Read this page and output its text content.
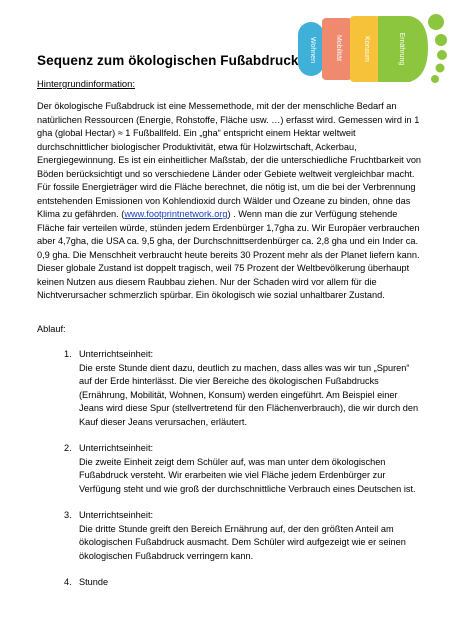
Wohnen	Mobilität	Konsum	Ernährung
Sequenz zum ökologischen Fußabdruck

Hintergrundinformation:

Der ökologische Fußabdruck ist eine Messemethode, mit der der menschliche Bedarf an natürlichen Ressourcen (Energie, Rohstoffe, Fläche usw. …) erfasst wird. Gemessen wird in 1 gha (global Hectar) ≈ 1 Fußballfeld. Ein „gha“ entspricht einem Hektar weltweit durchschnittlicher biologischer Produktivität, etwa für Holzwirtschaft, Ackerbau, Energiegewinnung. Es ist ein einheitlicher Maßstab, der die unterschiedliche Fruchtbarkeit von Böden berücksichtigt und so verschiedene Länder oder Gebiete weltweit vergleichbar macht. Für fossile Energieträger wird die Fläche berechnet, die nötig ist, um die bei der Verbrennung entstehenden Emissionen von Kohlendioxid durch Wälder und Ozeane zu binden, ohne das Klima zu gefährden. (www.footprintnetwork.org) . Wenn man die zur Verfügung stehende Fläche fair verteilen würde, stünden jedem Erdenbürger 1,7gha zu. Wir Europäer verbrauchen aber 4,7gha, die USA ca. 9,5 gha, der Durchschnittserdenbürger ca. 2,8 gha und ein Inder ca. 0,9 gha. Die Menschheit verbraucht heute bereits 30 Prozent mehr als der Planet liefern kann.
Dieser globale Zustand ist doppelt tragisch, weil 75 Prozent der Weltbevölkerung überhaupt keinen Nutzen aus diesem Raubbau ziehen. Nur der Schaden wird vor allem für die Nichtverursacher schmerzlich spürbar. Ein ökologisch wie sozial unhaltbarer Zustand.

Ablauf:

1. Unterrichtseinheit:

Die erste Stunde dient dazu, deutlich zu machen, dass alles was wir tun „Spuren“ auf der Erde hinterlässt. Die vier Bereiche des ökologischen Fußabdrucks (Ernährung, Mobilität, Wohnen, Konsum) werden eingeführt. Am Beispiel einer Jeans wird diese Spur (stellvertretend für den Flächenverbrauch), die wir durch den Kauf dieser Jeans verursachen, erläutert.

2. Unterrichtseinheit:

Die zweite Einheit zeigt dem Schüler auf, was man unter dem ökologischen Fußabdruck versteht. Wir erarbeiten wie viel Fläche jedem Erdenbürger zur Verfügung steht und wie groß der durchschnittliche Verbrauch eines Deutschen ist.

3. Unterrichtseinheit:

Die dritte Stunde greift den Bereich Ernährung auf, der den größten Anteil am ökologischen Fußabdruck ausmacht. Dem Schüler wird aufgezeigt wie er seinen ökologischen Fußabdruck verringern kann.

4. Stunde
